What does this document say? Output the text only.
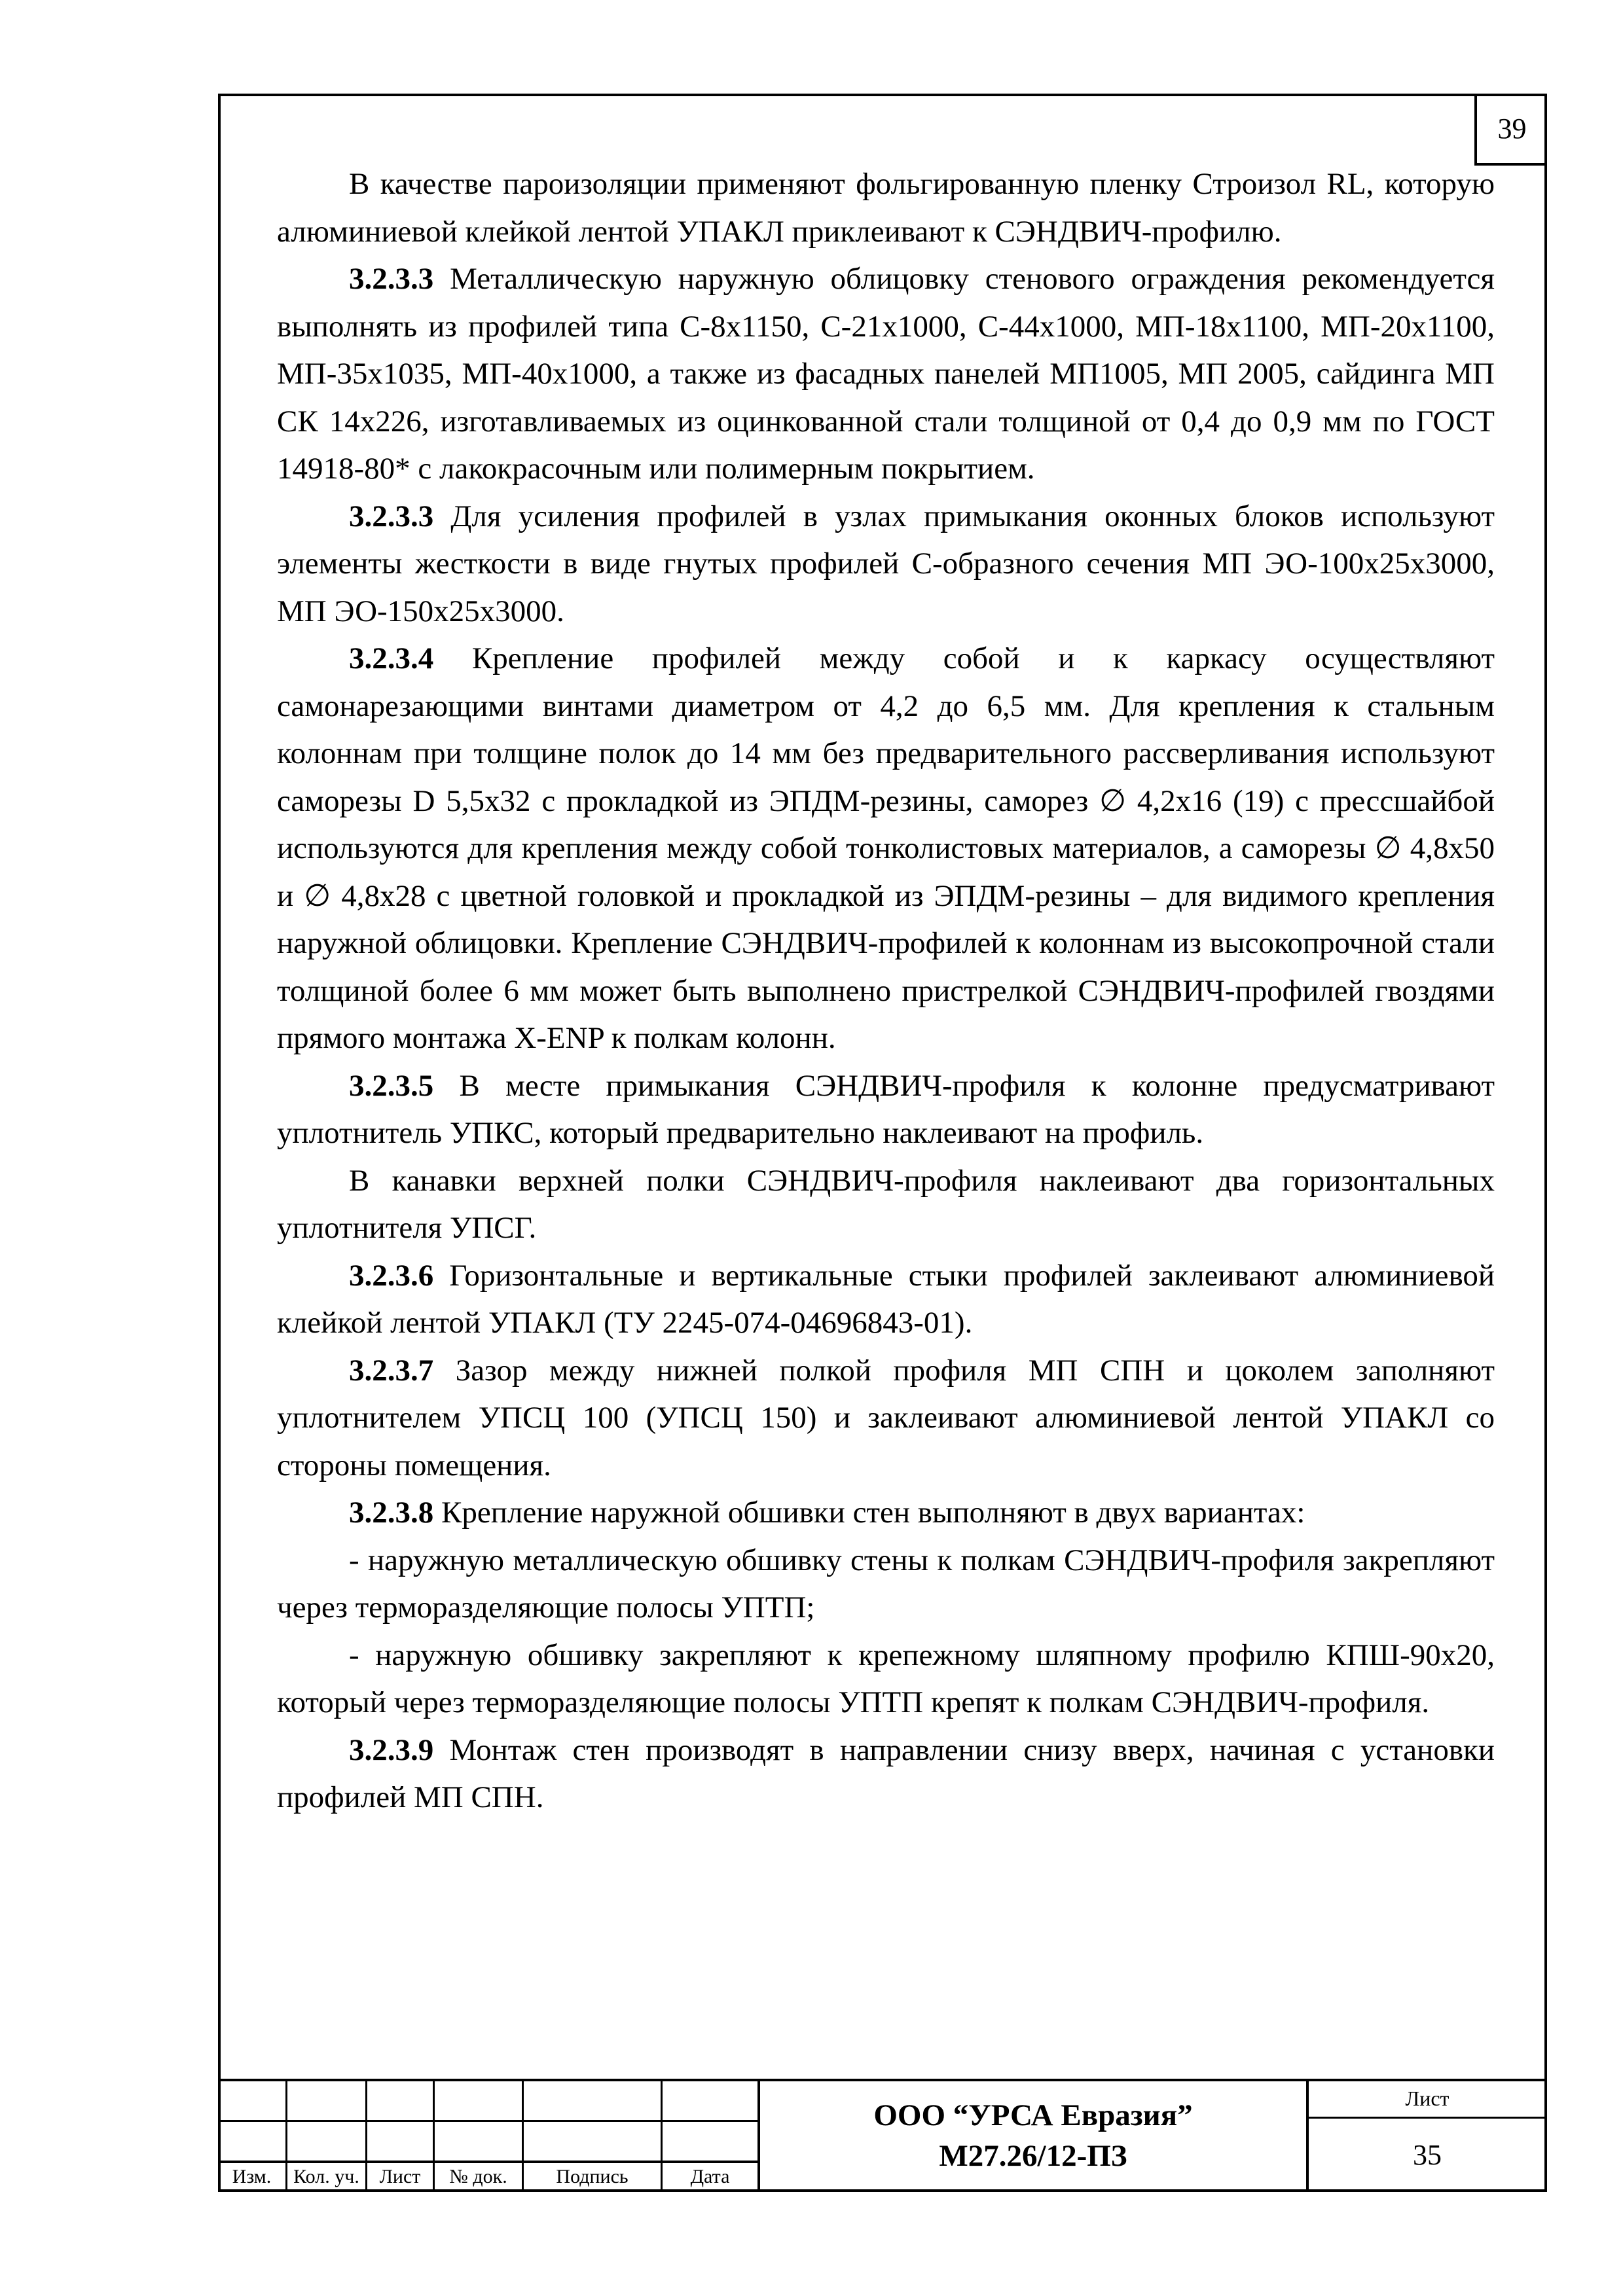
39

В качестве пароизоляции применяют фольгированную пленку Строизол RL, которую алюминиевой клейкой лентой УПАКЛ приклеивают к СЭНДВИЧ-профилю.

3.2.3.3 Металлическую наружную облицовку стенового ограждения рекомендуется выполнять из профилей типа С-8x1150, С-21x1000, С-44x1000, МП-18x1100, МП-20x1100, МП-35x1035, МП-40x1000, а также из фасадных панелей МП1005, МП 2005, сайдинга МП СК 14x226, изготавливаемых из оцинкованной стали толщиной от 0,4 до 0,9 мм по ГОСТ 14918-80* с лакокрасочным или полимерным покрытием.

3.2.3.3 Для усиления профилей в узлах примыкания оконных блоков используют элементы жесткости в виде гнутых профилей С-образного сечения МП ЭО-100x25x3000, МП ЭО-150x25x3000.

3.2.3.4 Крепление профилей между собой и к каркасу осуществляют самонарезающими винтами диаметром от 4,2 до 6,5 мм. Для крепления к стальным колоннам при толщине полок до 14 мм без предварительного рассверливания используют саморезы D 5,5x32 с прокладкой из ЭПДМ-резины, саморез ∅ 4,2x16 (19) с прессшайбой используются для крепления между собой тонколистовых материалов, а саморезы ∅ 4,8x50 и ∅ 4,8x28 с цветной головкой и прокладкой из ЭПДМ-резины – для видимого крепления наружной облицовки. Крепление СЭНДВИЧ-профилей к колоннам из высокопрочной стали толщиной более 6 мм может быть выполнено пристрелкой СЭНДВИЧ-профилей гвоздями прямого монтажа X-ENP к полкам колонн.

3.2.3.5 В месте примыкания СЭНДВИЧ-профиля к колонне предусматривают уплотнитель УПКС, который предварительно наклеивают на профиль.

В канавки верхней полки СЭНДВИЧ-профиля наклеивают два горизонтальных уплотнителя УПСГ.

3.2.3.6 Горизонтальные и вертикальные стыки профилей заклеивают алюминиевой клейкой лентой УПАКЛ (ТУ 2245-074-04696843-01).

3.2.3.7 Зазор между нижней полкой профиля МП СПН и цоколем заполняют уплотнителем УПСЦ 100 (УПСЦ 150) и заклеивают алюминиевой лентой УПАКЛ со стороны помещения.

3.2.3.8 Крепление наружной обшивки стен выполняют в двух вариантах:

- наружную металлическую обшивку стены к полкам СЭНДВИЧ-профиля закрепляют через терморазделяющие полосы УПТП;

- наружную обшивку закрепляют к крепежному шляпному профилю КПШ-90x20, который через терморазделяющие полосы УПТП крепят к полкам СЭНДВИЧ-профиля.

3.2.3.9 Монтаж стен производят в направлении снизу вверх, начиная с установки профилей МП СПН.

Изм.	Кол. уч.	Лист	№ док.	Подпись	Дата
ООО “УРСА Евразия”
М27.26/12-ПЗ
Лист
35
